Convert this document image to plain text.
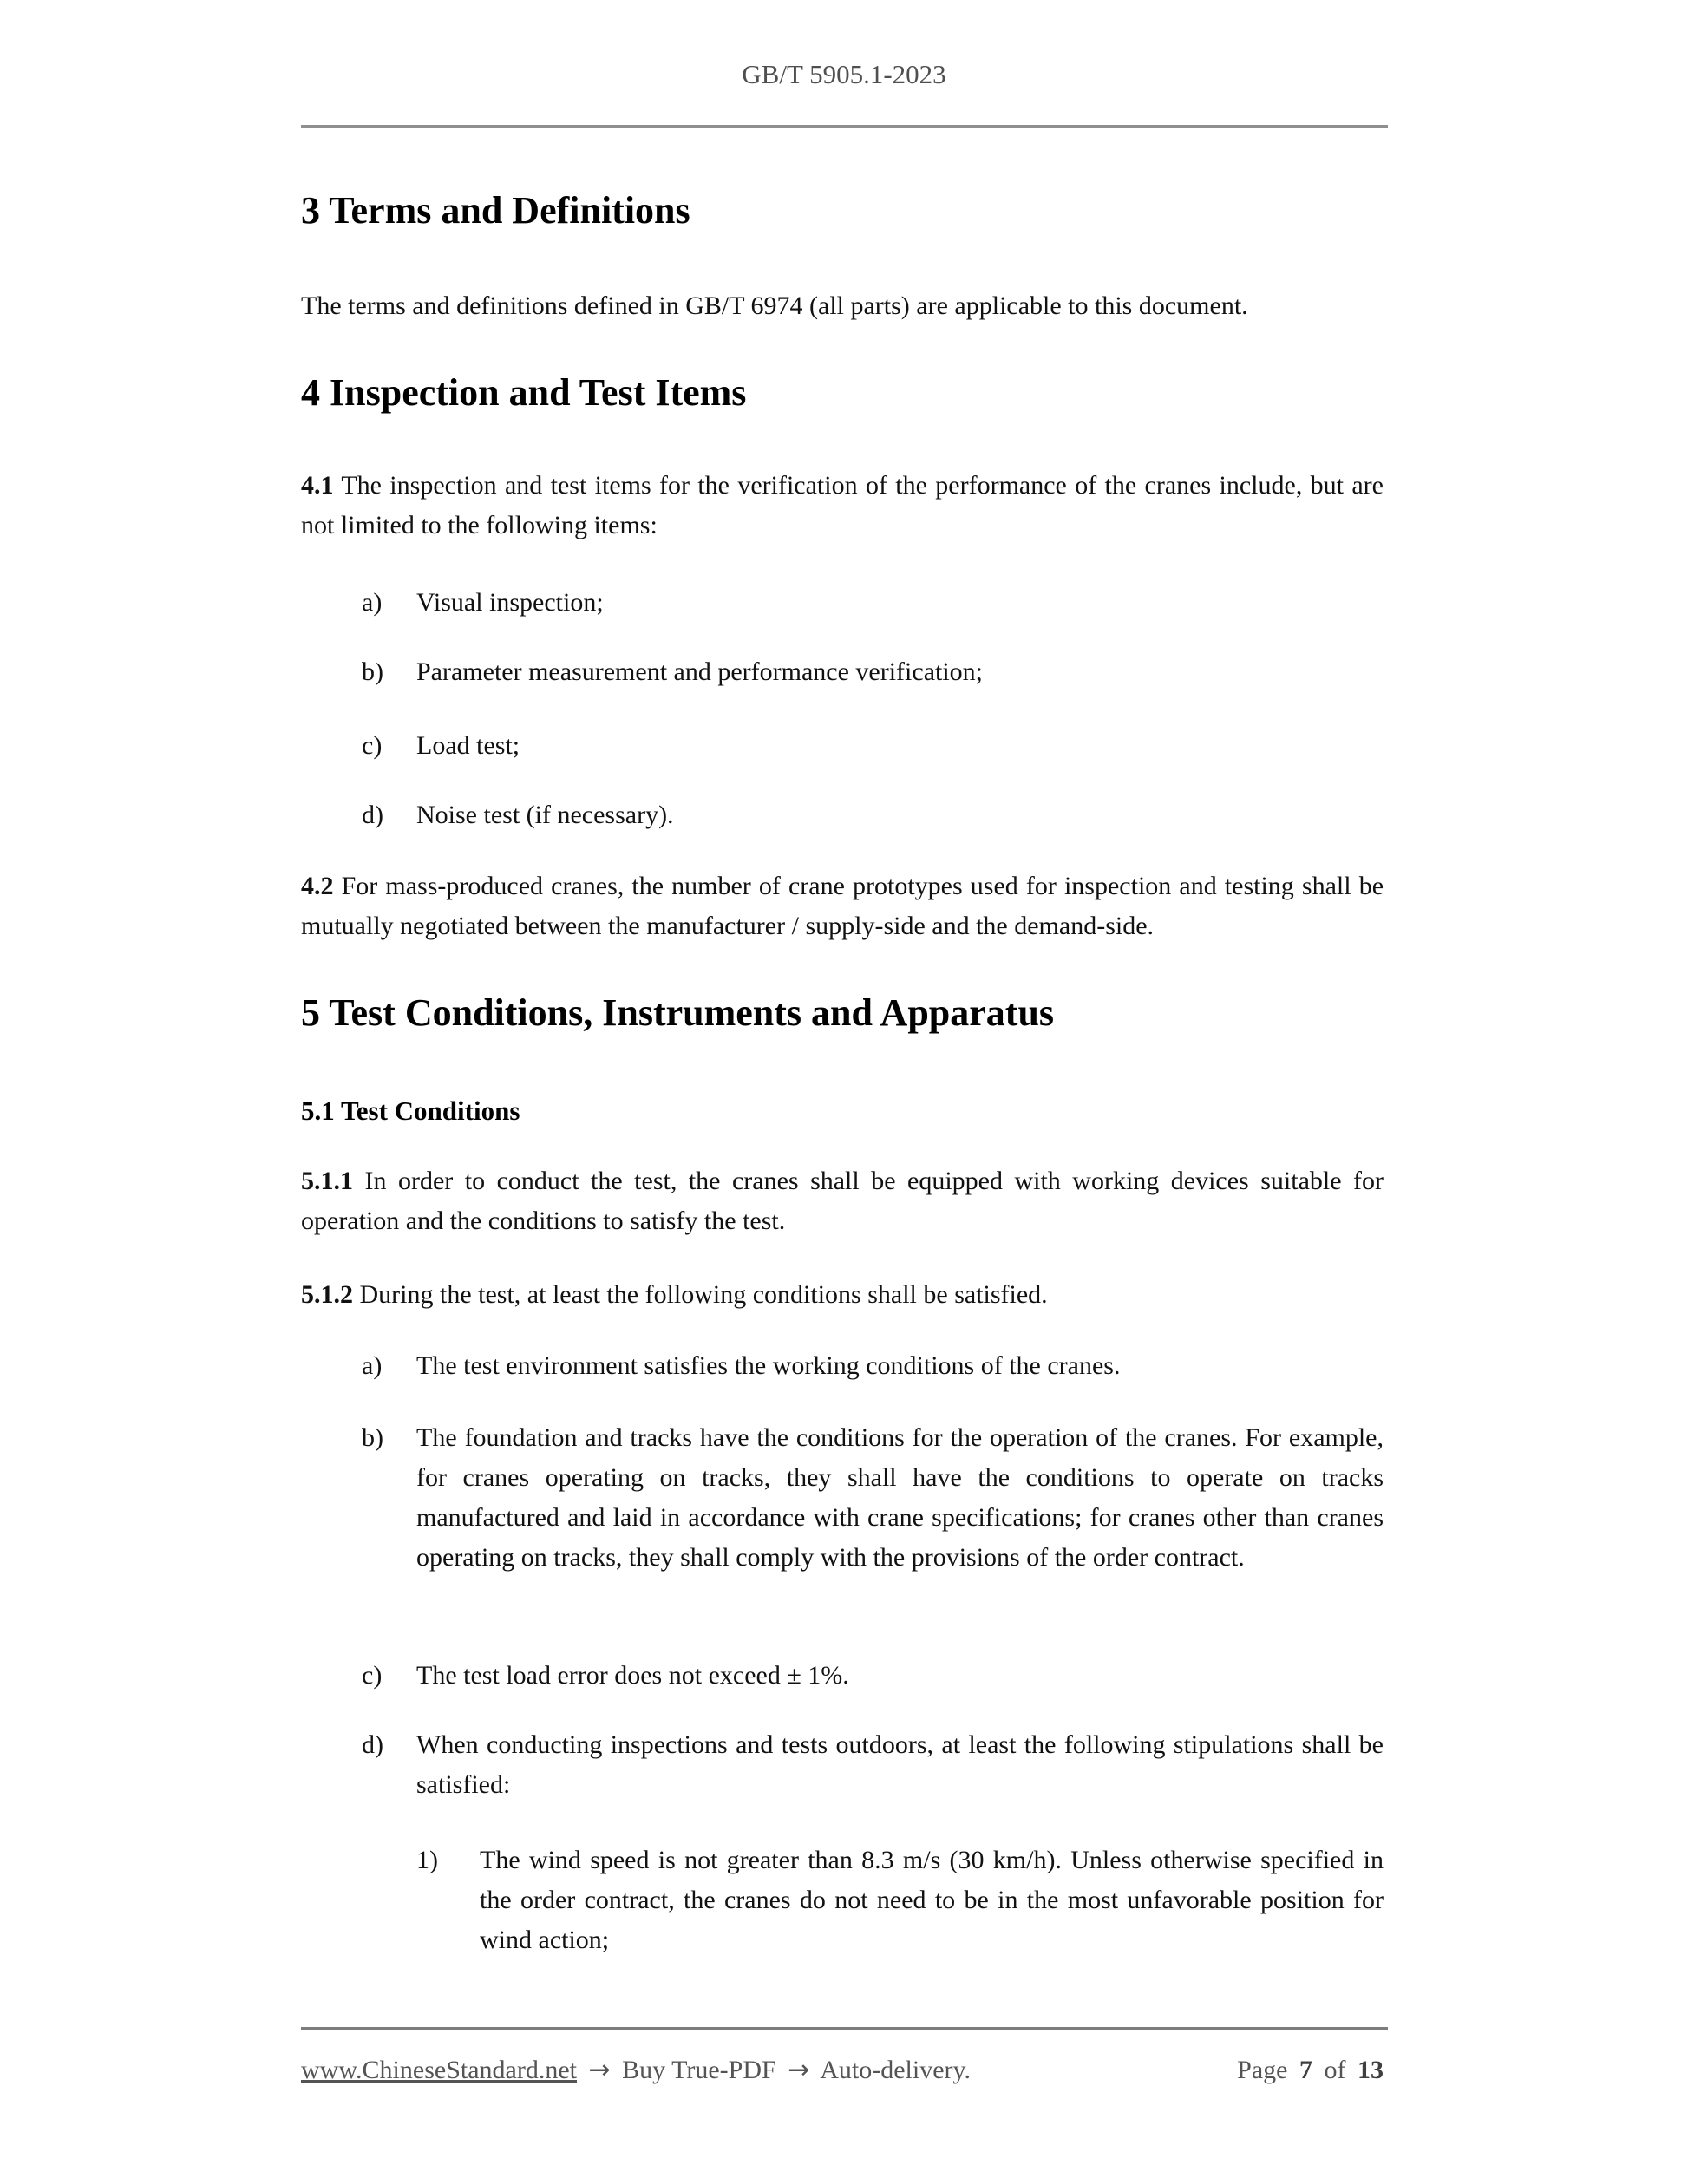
GB/T 5905.1-2023
3 Terms and Definitions

The terms and definitions defined in GB/T 6974 (all parts) are applicable to this document.

4 Inspection and Test Items

4.1 The inspection and test items for the verification of the performance of the cranes include, but are not limited to the following items:

a) Visual inspection;
b) Parameter measurement and performance verification;
c) Load test;
d) Noise test (if necessary).

4.2 For mass-produced cranes, the number of crane prototypes used for inspection and testing shall be mutually negotiated between the manufacturer / supply-side and the demand-side.

5 Test Conditions, Instruments and Apparatus
5.1 Test Conditions

5.1.1 In order to conduct the test, the cranes shall be equipped with working devices suitable for operation and the conditions to satisfy the test.

5.1.2 During the test, at least the following conditions shall be satisfied.

a) The test environment satisfies the working conditions of the cranes.
b) The foundation and tracks have the conditions for the operation of the cranes. For example, for cranes operating on tracks, they shall have the conditions to operate on tracks manufactured and laid in accordance with crane specifications; for cranes other than cranes operating on tracks, they shall comply with the provisions of the order contract.
c) The test load error does not exceed ± 1%.
d) When conducting inspections and tests outdoors, at least the following stipulations shall be satisfied:
1) The wind speed is not greater than 8.3 m/s (30 km/h). Unless otherwise specified in the order contract, the cranes do not need to be in the most unfavorable position for wind action;
www.ChineseStandard.net → Buy True-PDF → Auto-delivery.	Page 7 of 13
